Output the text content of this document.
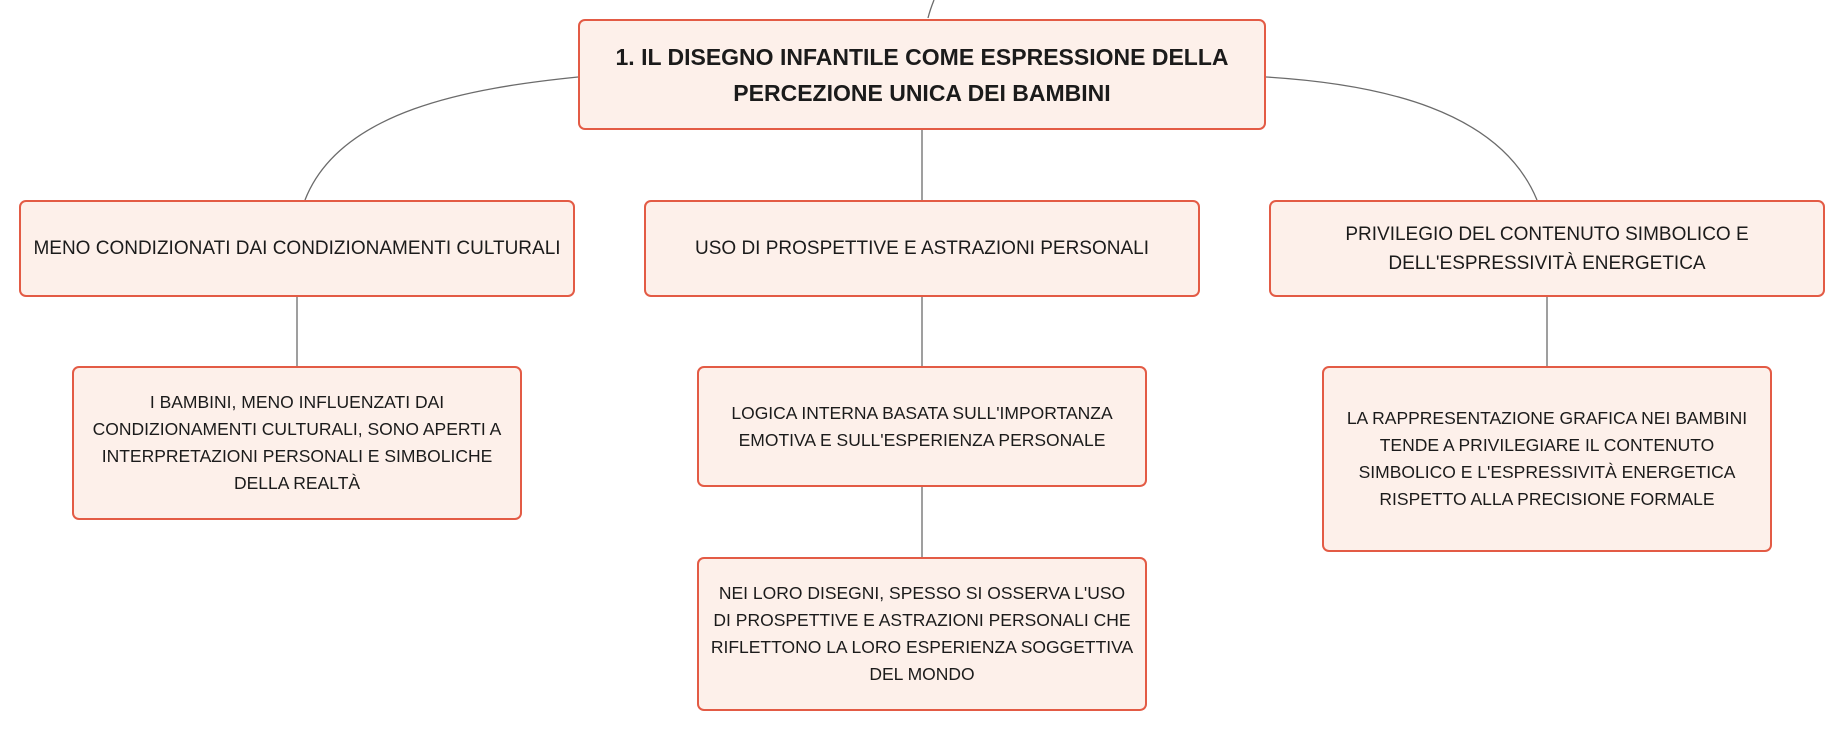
1. IL DISEGNO INFANTILE COME ESPRESSIONE DELLA PERCEZIONE UNICA DEI BAMBINI
MENO CONDIZIONATI DAI CONDIZIONAMENTI CULTURALI	USO DI PROSPETTIVE E ASTRAZIONI PERSONALI
PRIVILEGIO DEL CONTENUTO SIMBOLICO E DELL'ESPRESSIVITÀ ENERGETICA
I BAMBINI, MENO INFLUENZATI DAI CONDIZIONAMENTI CULTURALI, SONO APERTI A INTERPRETAZIONI PERSONALI E SIMBOLICHE DELLA REALTÀ
LOGICA INTERNA BASATA SULL'IMPORTANZA EMOTIVA E SULL'ESPERIENZA PERSONALE
NEI LORO DISEGNI, SPESSO SI OSSERVA L'USO DI PROSPETTIVE E ASTRAZIONI PERSONALI CHE RIFLETTONO LA LORO ESPERIENZA SOGGETTIVA DEL MONDO
LA RAPPRESENTAZIONE GRAFICA NEI BAMBINI TENDE A PRIVILEGIARE IL CONTENUTO SIMBOLICO E L'ESPRESSIVITÀ ENERGETICA RISPETTO ALLA PRECISIONE FORMALE
